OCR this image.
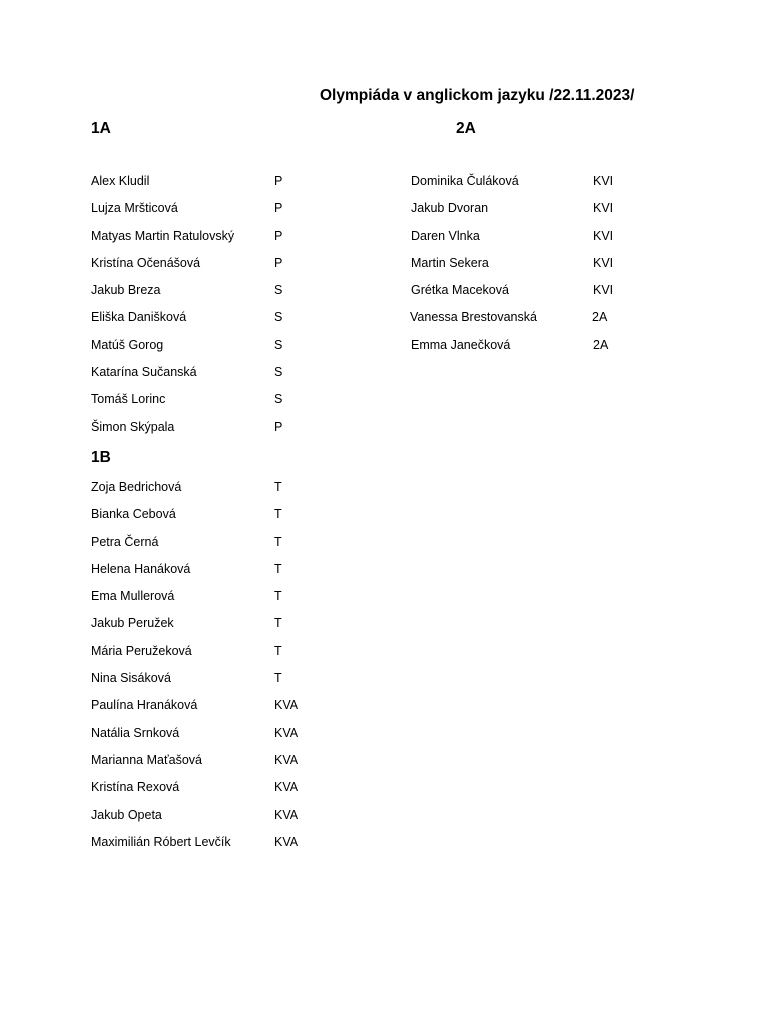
Olympiáda v anglickom jazyku /22.11.2023/
1A	2A
1B
Alex Kludil	P
Lujza Mršticová	P
Matyas Martin Ratulovský	P
Kristína Očenášová	P
Jakub Breza	S
Eliška Danišková	S
Matúš Gorog	S
Katarína Sučanská	S
Tomáš Lorinc	S
Šimon Skýpala	P
Dominika Čuláková	KVI
Jakub Dvoran	KVI
Daren Vlnka	KVI
Martin Sekera	KVI
Grétka Maceková	KVI
Vanessa Brestovanská	2A
Emma Janečková	2A
Zoja Bedrichová	T
Bianka Cebová	T
Petra Černá	T
Helena Hanáková	T
Ema Mullerová	T
Jakub Peružek	T
Mária Peružeková	T
Nina Sisáková	T
Paulína Hranáková	KVA
Natália Srnková	KVA
Marianna Maťašová	KVA
Kristína Rexová	KVA
Jakub Opeta	KVA
Maximilián Róbert Levčík	KVA
